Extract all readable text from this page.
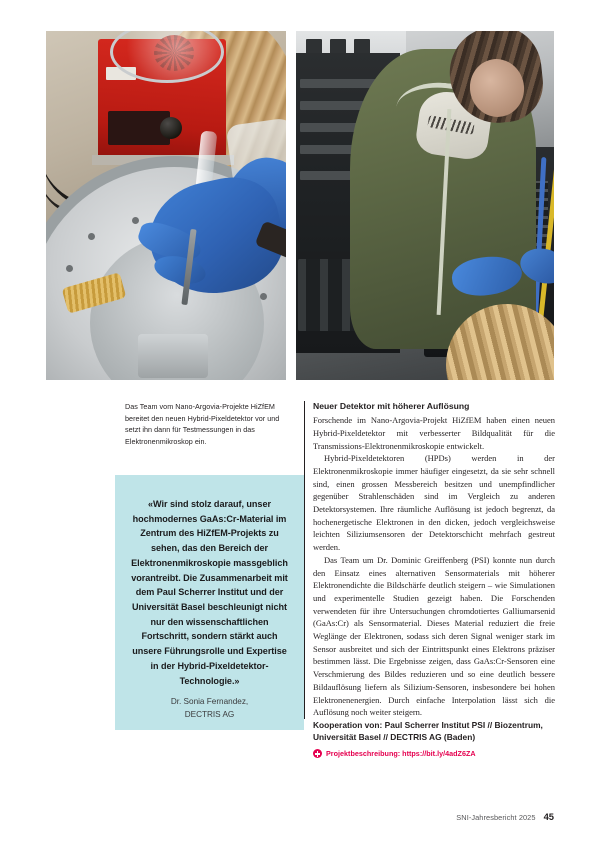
Das Team vom Nano-Argovia-Projekte HiZfEM bereitet den neuen Hybrid-Pixeldetektor vor und setzt ihn dann für Testmessungen in das Elektronenmikroskop ein.
«Wir sind stolz darauf, unser hochmodernes GaAs:Cr-Material im Zentrum des HiZfEM-Projekts zu sehen, das den Bereich der Elektronenmikroskopie massgeblich vorantreibt. Die Zusammenarbeit mit dem Paul Scherrer Institut und der Universität Basel beschleunigt nicht nur den wissenschaftlichen Fortschritt, sondern stärkt auch unsere Führungsrolle und Expertise in der Hybrid-Pixeldetektor-Technologie.»
Dr. Sonia Fernandez,
DECTRIS AG
Neuer Detektor mit höherer Auflösung

Forschende im Nano-Argovia-Projekt HiZfEM haben einen neuen Hybrid-Pixeldetektor mit verbesserter Bildqualität für die Transmissions-Elektronenmikroskopie entwickelt.

Hybrid-Pixeldetektoren (HPDs) werden in der Elektronenmikroskopie immer häufiger eingesetzt, da sie sehr schnell sind, einen grossen Messbereich besitzen und unempfindlicher gegenüber Strahlenschäden sind im Vergleich zu anderen Detektorsystemen. Ihre räumliche Auflösung ist jedoch begrenzt, da hochenergetische Elektronen in den dicken, jedoch vergleichsweise leichten Siliziumsensoren der Detektorschicht mehrfach gestreut werden.

Das Team um Dr. Dominic Greiffenberg (PSI) konnte nun durch den Einsatz eines alternativen Sensormaterials mit höherer Elektronendichte die Bildschärfe deutlich steigern – wie Simulationen und experimentelle Studien gezeigt haben. Die Forschenden verwendeten für ihre Untersuchungen chromdotiertes Galliumarsenid (GaAs:Cr) als Sensormaterial. Dieses Material reduziert die freie Weglänge der Elektronen, sodass sich deren Signal weniger stark im Sensor ausbreitet und sich der Eintrittspunkt eines Elektrons präziser bestimmen lässt. Die Ergebnisse zeigen, dass GaAs:Cr-Sensoren eine Verschmierung des Bildes reduzieren und so eine deutlich bessere Bildauflösung liefern als Silizium-Sensoren, insbesondere bei hohen Elektronenenergien. Durch einfache Interpolation lässt sich die Auflösung noch weiter steigern.

Kooperation von: Paul Scherrer Institut PSI // Biozentrum, Universität Basel // DECTRIS AG (Baden)
Projektbeschreibung: https://bit.ly/4adZ6ZA
SNI-Jahresbericht 2025 45
